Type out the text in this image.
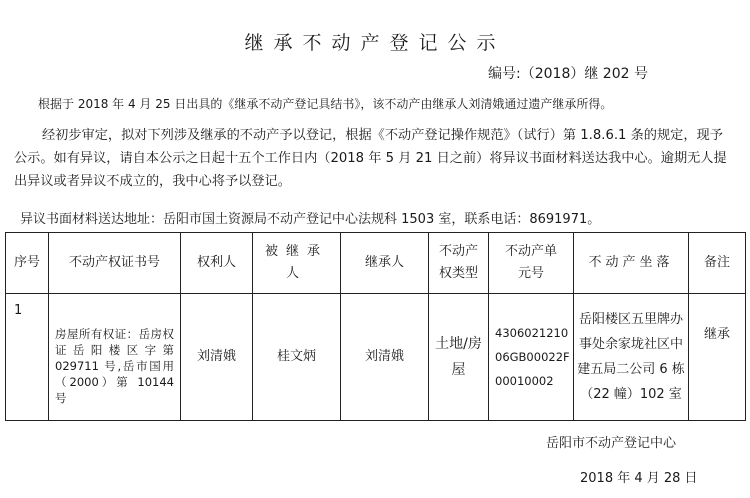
继承不动产登记公示
编号:（2018）继 202 号
根据于 2018 年 4 月 25 日出具的《继承不动产登记具结书》，该不动产由继承人刘清娥通过遗产继承所得。
经初步审定，拟对下列涉及继承的不动产予以登记，根据《不动产登记操作规范》（试行）第 1.8.6.1 条的规定，现予公示。如有异议，请自本公示之日起十五个工作日内（2018 年 5 月 21 日之前）将异议书面材料送达我中心。逾期无人提出异议或者异议不成立的，我中心将予以登记。
异议书面材料送达地址：岳阳市国土资源局不动产登记中心法规科 1503 室，联系电话：8691971。
序号	不动产权证书号	权利人	被继承人	继承人	不动产权类型	不动产单元号	不动产坐落	备注
1	房屋所有权证：岳房权证岳阳楼区字第 029711 号,岳市国用（2000）第 10144 号	刘清娥	桂文炳	刘清娥	土地/房屋	430602121006GB00022F00010002	岳阳楼区五里牌办事处余家垅社区中建五局二公司 6 栋（22 幢）102 室	继承
岳阳市不动产登记中心
2018 年 4 月 28 日
